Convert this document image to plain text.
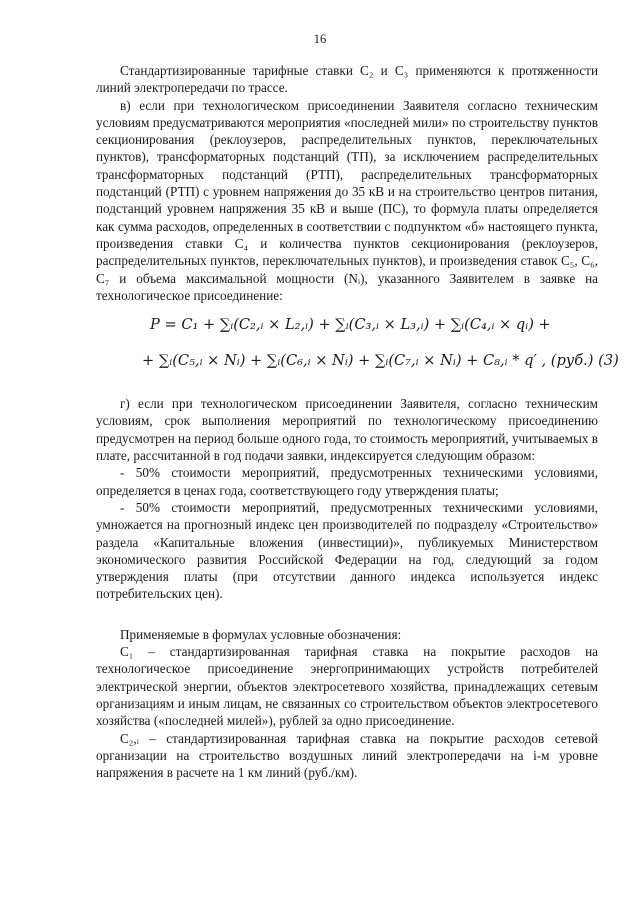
16

Стандартизированные тарифные ставки C₂ и C₃ применяются к протяженности линий электропередачи по трассе.

в) если при технологическом присоединении Заявителя согласно техническим условиям предусматриваются мероприятия «последней мили» по строительству пунктов секционирования (реклоузеров, распределительных пунктов, переключательных пунктов), трансформаторных подстанций (ТП), за исключением распределительных трансформаторных подстанций (РТП), распределительных трансформаторных подстанций (РТП) с уровнем напряжения до 35 кВ и на строительство центров питания, подстанций уровнем напряжения 35 кВ и выше (ПС), то формула платы определяется как сумма расходов, определенных в соответствии с подпунктом «б» настоящего пункта, произведения ставки C₄ и количества пунктов секционирования (реклоузеров, распределительных пунктов, переключательных пунктов), и произведения ставок C₅, C₆, C₇ и объема максимальной мощности (Nᵢ), указанного Заявителем в заявке на технологическое присоединение:

P = C₁ + ∑ᵢ(C₂,ᵢ × L₂,ᵢ) + ∑ᵢ(C₃,ᵢ × L₃,ᵢ) + ∑ᵢ(C₄,ᵢ × qᵢ) +
+ ∑ᵢ(C₅,ᵢ × Nᵢ) + ∑ᵢ(C₆,ᵢ × Nᵢ) + ∑ᵢ(C₇,ᵢ × Nᵢ) + C₈,ᵢ * q′ , (руб.) (3)

г) если при технологическом присоединении Заявителя, согласно техническим условиям, срок выполнения мероприятий по технологическому присоединению предусмотрен на период больше одного года, то стоимость мероприятий, учитываемых в плате, рассчитанной в год подачи заявки, индексируется следующим образом:

- 50% стоимости мероприятий, предусмотренных техническими условиями, определяется в ценах года, соответствующего году утверждения платы;

- 50% стоимости мероприятий, предусмотренных техническими условиями, умножается на прогнозный индекс цен производителей по подразделу «Строительство» раздела «Капитальные вложения (инвестиции)», публикуемых Министерством экономического развития Российской Федерации на год, следующий за годом утверждения платы (при отсутствии данного индекса используется индекс потребительских цен).

Применяемые в формулах условные обозначения:

C₁ – стандартизированная тарифная ставка на покрытие расходов на технологическое присоединение энергопринимающих устройств потребителей электрической энергии, объектов электросетевого хозяйства, принадлежащих сетевым организациям и иным лицам, не связанных со строительством объектов электросетевого хозяйства («последней милей»), рублей за одно присоединение.

C₂,ᵢ – стандартизированная тарифная ставка на покрытие расходов сетевой организации на строительство воздушных линий электропередачи на i-м уровне напряжения в расчете на 1 км линий (руб./км).
